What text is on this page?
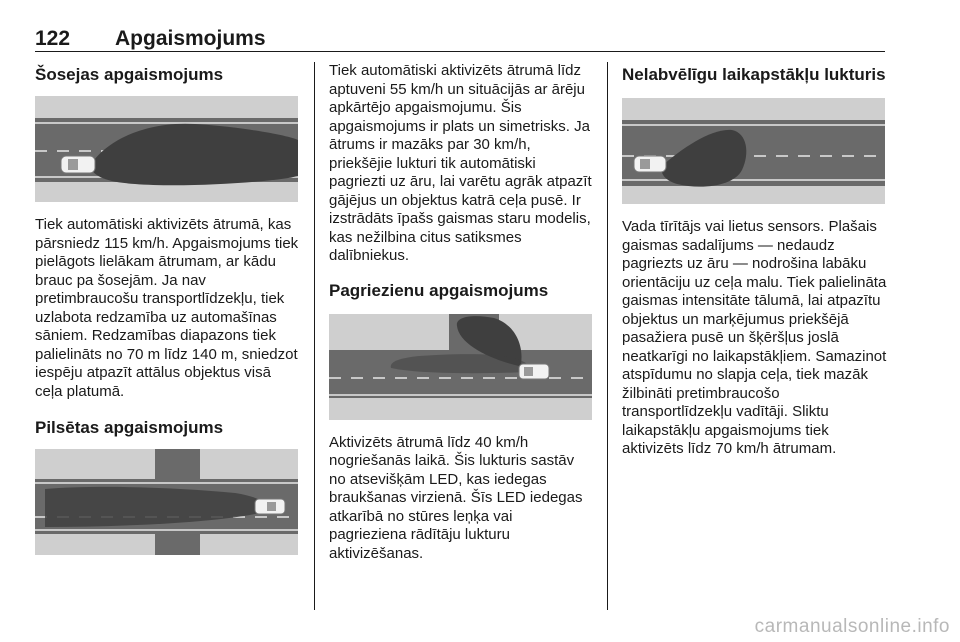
122 Apgaismojums
Šosejas apgaismojums

Tiek automātiski aktivizēts ātrumā, kas pārsniedz 115 km/h. Apgaismojums tiek pielāgots lielākam ātrumam, ar kādu brauc pa šosejām. Ja nav pretimbraucošu transportlīdzekļu, tiek uzlabota redzamība uz automašīnas sāniem. Redzamības diapazons tiek palielināts no 70 m līdz 140 m, sniedzot iespēju atpazīt attālus objektus visā ceļa platumā.

Pilsētas apgaismojums

Tiek automātiski aktivizēts ātrumā līdz aptuveni 55 km/h un situācijās ar ārēju apkārtējo apgaismojumu. Šis apgaismojums ir plats un simetrisks. Ja ātrums ir mazāks par 30 km/h, priekšējie lukturi tik automātiski pagriezti uz āru, lai varētu agrāk atpazīt gājējus un objektus katrā ceļa pusē. Ir izstrādāts īpašs gaismas staru modelis, kas nežilbina citus satiksmes dalībniekus.

Pagriezienu apgaismojums

Aktivizēts ātrumā līdz 40 km/h nogriešanās laikā. Šis lukturis sastāv no atsevišķām LED, kas iedegas braukšanas virzienā. Šīs LED iedegas atkarībā no stūres leņķa vai pagrieziena rādītāju lukturu aktivizēšanas.

Nelabvēlīgu laikapstākļu lukturis

Vada tīrītājs vai lietus sensors. Plašais gaismas sadalījums — nedaudz pagriezts uz āru — nodrošina labāku orientāciju uz ceļa malu. Tiek palielināta gaismas intensitāte tālumā, lai atpazītu objektus un marķējumus priekšējā pasažiera pusē un šķēršļus joslā neatkarīgi no laikapstākļiem. Samazinot atspīdumu no slapja ceļa, tiek mazāk žilbināti pretimbraucošo transportlīdzekļu vadītāji. Sliktu laikapstākļu apgaismojums tiek aktivizēts līdz 70 km/h ātrumam.

carmanualsonline.info
